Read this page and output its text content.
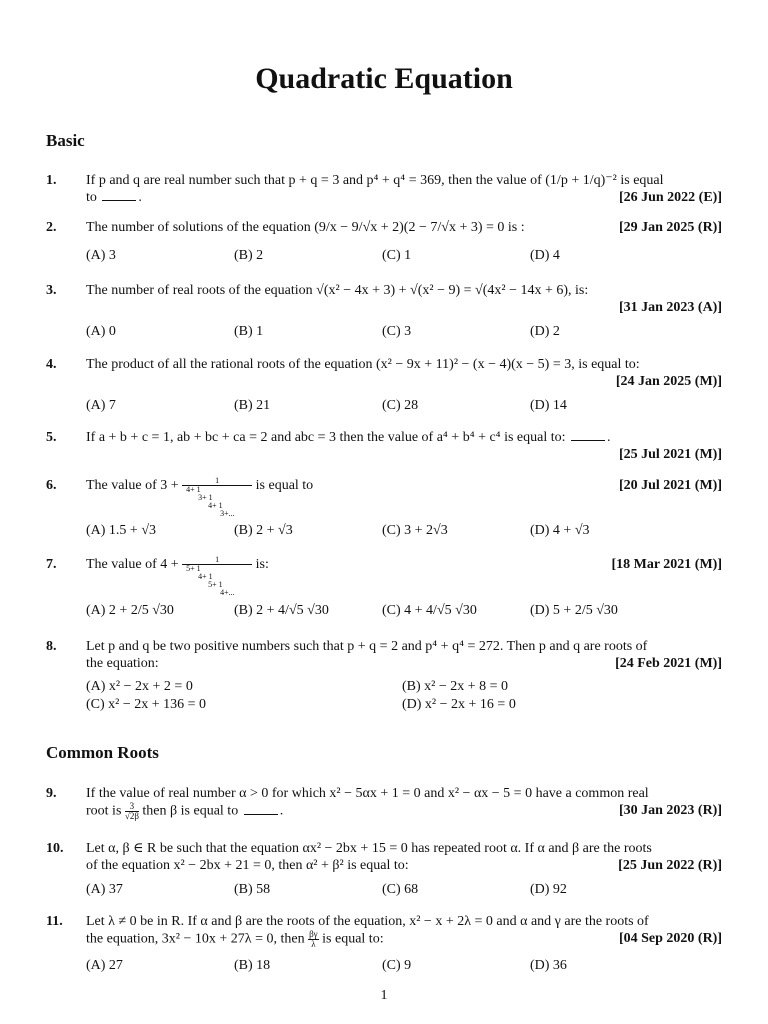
Quadratic Equation
Basic
1. If p and q are real number such that p + q = 3 and p⁴ + q⁴ = 369, then the value of (1/p + 1/q)⁻² is equal
[26 Jun 2022 (E)]
to	.
2.	[29 Jan 2025 (R)]
The number of solutions of the equation (9/x − 9/√x + 2)(2 − 7/√x + 3) = 0 is :
(A) 3	(B) 2	(C) 1	(D) 4
3. The number of real roots of the equation √(x² − 4x + 3) + √(x² − 9) = √(4x² − 14x + 6), is:
[31 Jan 2023 (A)]

(A) 0	(B) 1	(C) 3	(D) 2
4. The product of all the rational roots of the equation (x² − 9x + 11)² − (x − 4)(x − 5) = 3, is equal to:
[24 Jan 2025 (M)]

(A) 7	(B) 21	(C) 28	(D) 14
5. If a + b + c = 1, ab + bc + ca = 2 and abc = 3 then the value of a⁴ + b⁴ + c⁴ is equal to:	.
[25 Jul 2021 (M)]

6.	[20 Jul 2021 (M)]
The value of 3 +	1
4+ 1
3+ 1
4+ 1
3+...
is equal to
(A) 1.5 + √3	(B) 2 + √3	(C) 3 + 2√3	(D) 4 + √3
7.	[18 Mar 2021 (M)]
The value of 4 +	1
5+ 1
4+ 1
5+ 1
4+...
is:
(A) 2 + 2/5 √30	(B) 2 + 4/√5 √30	(C) 4 + 4/√5 √30	(D) 5 + 2/5 √30
8. Let p and q be two positive numbers such that p + q = 2 and p⁴ + q⁴ = 272. Then p and q are roots of
[24 Feb 2021 (M)]
the equation:
(A) x² − 2x + 2 = 0	(B) x² − 2x + 8 = 0
(C) x² − 2x + 136 = 0	(D) x² − 2x + 16 = 0
Common Roots
9. If the value of real number α > 0 for which x² − 5αx + 1 = 0 and x² − αx − 5 = 0 have a common real
[30 Jan 2023 (R)]
root is $\frac{3}{√2\beta}$ then β is equal to	.
10. Let α, β ∈ R be such that the equation αx² − 2bx + 15 = 0 has repeated root α. If α and β are the roots
[25 Jun 2022 (R)]
of the equation x² − 2bx + 21 = 0, then α² + β² is equal to:
(A) 37	(B) 58	(C) 68	(D) 92
11. Let λ ≠ 0 be in R. If α and β are the roots of the equation, x² − x + 2λ = 0 and α and γ are the roots of
[04 Sep 2020 (R)]
the equation, 3x² − 10x + 27λ = 0, then $\frac{\beta\gamma}{\lambda}$ is equal to:
(A) 27	(B) 18	(C) 9	(D) 36
1
